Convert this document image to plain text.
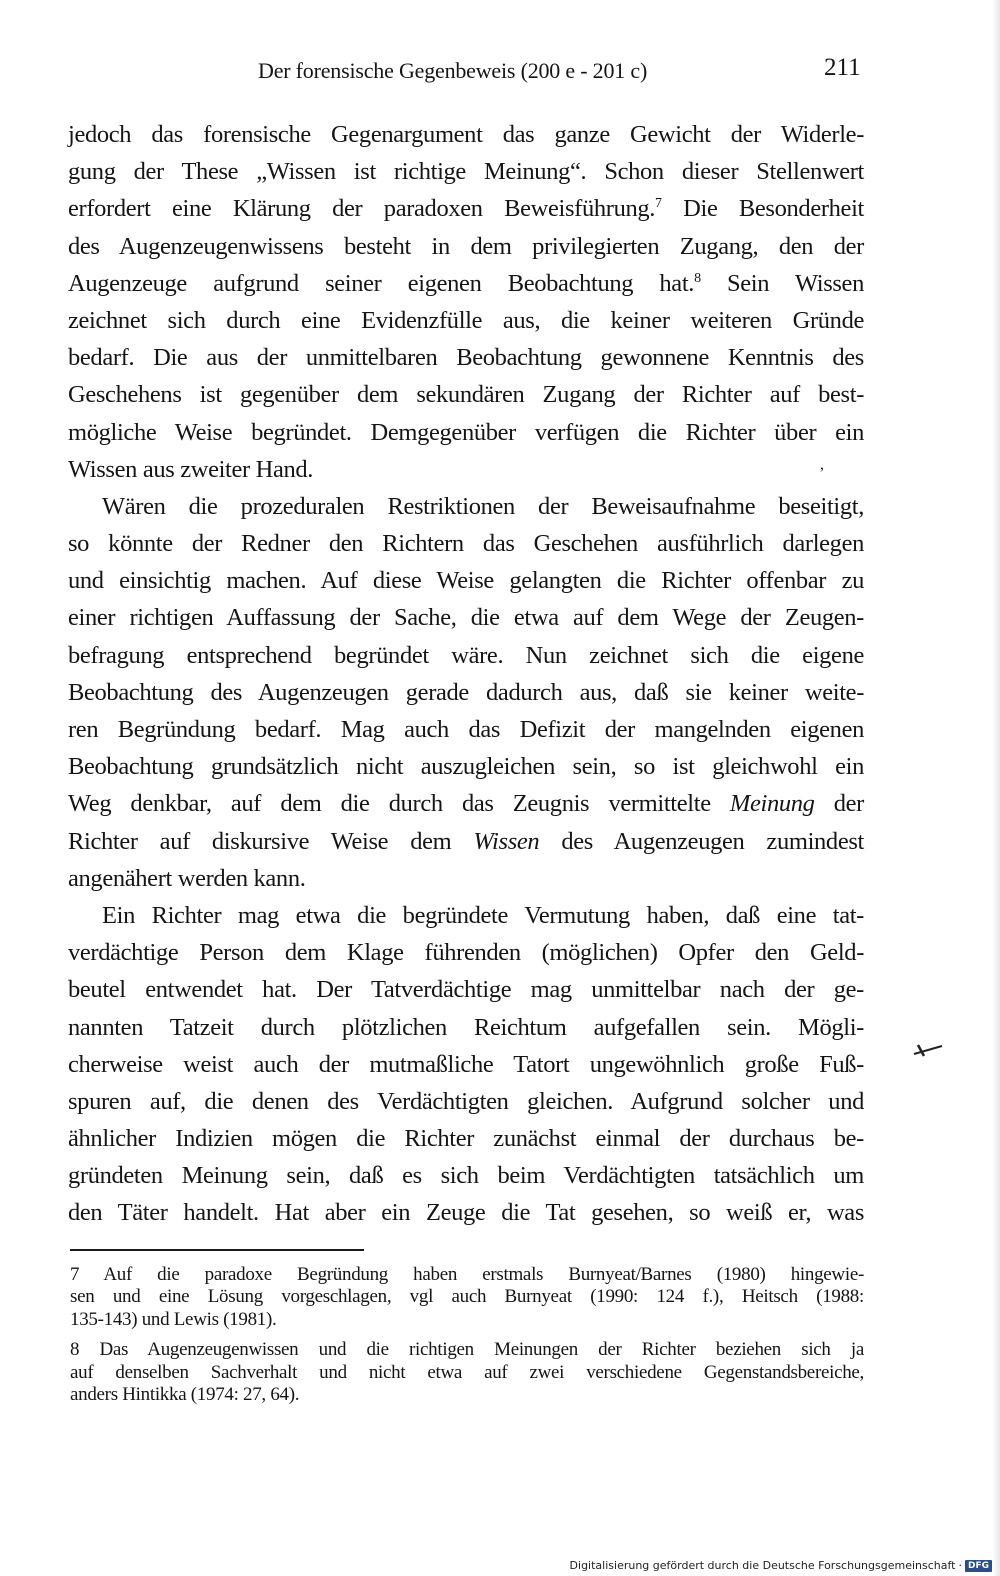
Der forensische Gegenbeweis (200 e - 201 c)	211
jedoch das forensische Gegenargument das ganze Gewicht der Widerle-
gung der These „Wissen ist richtige Meinung“. Schon dieser Stellenwert
erfordert eine Klärung der paradoxen Beweisführung.$^7$ Die Besonderheit
des Augenzeugenwissens besteht in dem privilegierten Zugang, den der
Augenzeuge aufgrund seiner eigenen Beobachtung hat.$^8$ Sein Wissen
zeichnet sich durch eine Evidenzfülle aus, die keiner weiteren Gründe
bedarf. Die aus der unmittelbaren Beobachtung gewonnene Kenntnis des
Geschehens ist gegenüber dem sekundären Zugang der Richter auf best-
mögliche Weise begründet. Demgegenüber verfügen die Richter über ein
Wissen aus zweiter Hand.
Wären die prozeduralen Restriktionen der Beweisaufnahme beseitigt,
so könnte der Redner den Richtern das Geschehen ausführlich darlegen
und einsichtig machen. Auf diese Weise gelangten die Richter offenbar zu
einer richtigen Auffassung der Sache, die etwa auf dem Wege der Zeugen-
befragung entsprechend begründet wäre. Nun zeichnet sich die eigene
Beobachtung des Augenzeugen gerade dadurch aus, daß sie keiner weite-
ren Begründung bedarf. Mag auch das Defizit der mangelnden eigenen
Beobachtung grundsätzlich nicht auszugleichen sein, so ist gleichwohl ein
Weg denkbar, auf dem die durch das Zeugnis vermittelte Meinung der
Richter auf diskursive Weise dem Wissen des Augenzeugen zumindest
angenähert werden kann.
Ein Richter mag etwa die begründete Vermutung haben, daß eine tat-
verdächtige Person dem Klage führenden (möglichen) Opfer den Geld-
beutel entwendet hat. Der Tatverdächtige mag unmittelbar nach der ge-
nannten Tatzeit durch plötzlichen Reichtum aufgefallen sein. Mögli-
cherweise weist auch der mutmaßliche Tatort ungewöhnlich große Fuß-
spuren auf, die denen des Verdächtigten gleichen. Aufgrund solcher und
ähnlicher Indizien mögen die Richter zunächst einmal der durchaus be-
gründeten Meinung sein, daß es sich beim Verdächtigten tatsächlich um
den Täter handelt. Hat aber ein Zeuge die Tat gesehen, so weiß er, was
,
7 Auf die paradoxe Begründung haben erstmals Burnyeat/Barnes (1980) hingewie-
sen und eine Lösung vorgeschlagen, vgl auch Burnyeat (1990: 124 f.), Heitsch (1988:
135-143) und Lewis (1981).
8 Das Augenzeugenwissen und die richtigen Meinungen der Richter beziehen sich ja
auf denselben Sachverhalt und nicht etwa auf zwei verschiedene Gegenstandsbereiche,
anders Hintikka (1974: 27, 64).
Digitalisierung gefördert durch die Deutsche Forschungsgemeinschaft · DFG
